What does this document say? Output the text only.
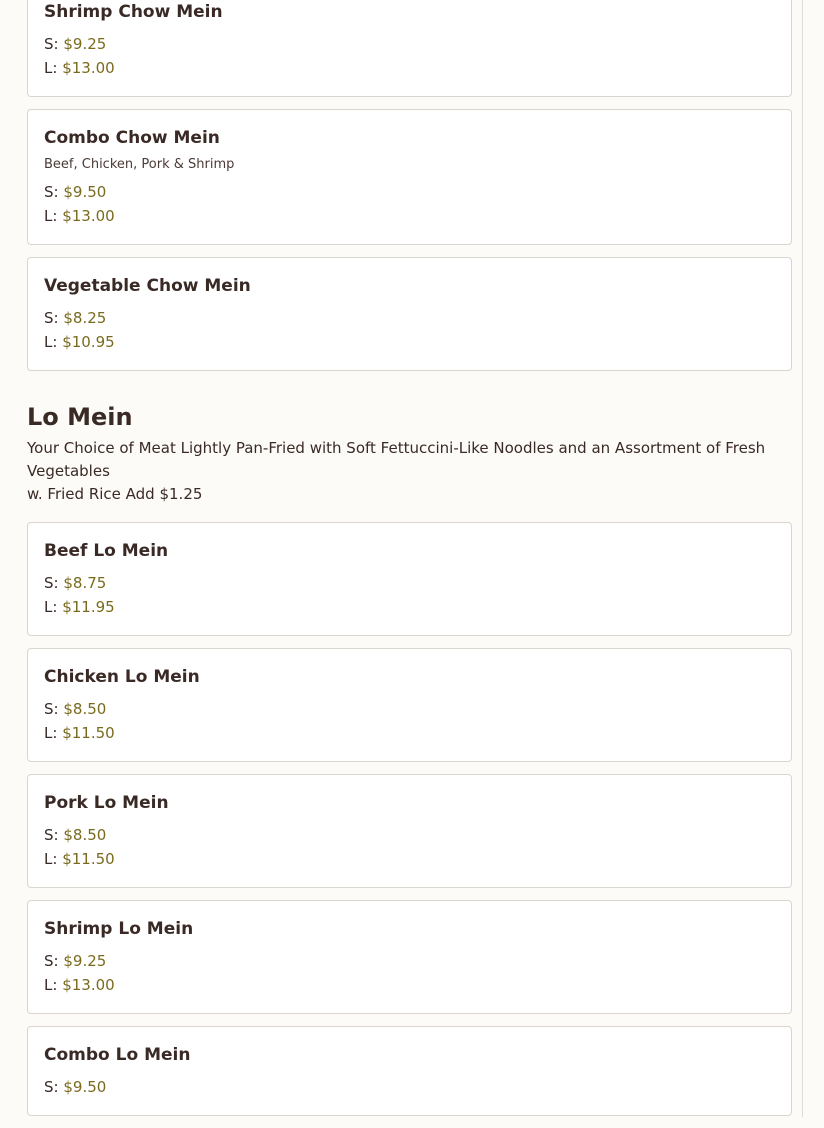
Shrimp Chow Mein
S: $9.25
L: $13.00
Combo Chow Mein
Beef, Chicken, Pork & Shrimp
S: $9.50
L: $13.00
Vegetable Chow Mein
S: $8.25
L: $10.95
Lo Mein
Your Choice of Meat Lightly Pan-Fried with Soft Fettuccini-Like Noodles and an Assortment of Fresh Vegetables
w. Fried Rice Add $1.25
Beef Lo Mein
S: $8.75
L: $11.95
Chicken Lo Mein
S: $8.50
L: $11.50
Pork Lo Mein
S: $8.50
L: $11.50
Shrimp Lo Mein
S: $9.25
L: $13.00
Combo Lo Mein
S: $9.50
